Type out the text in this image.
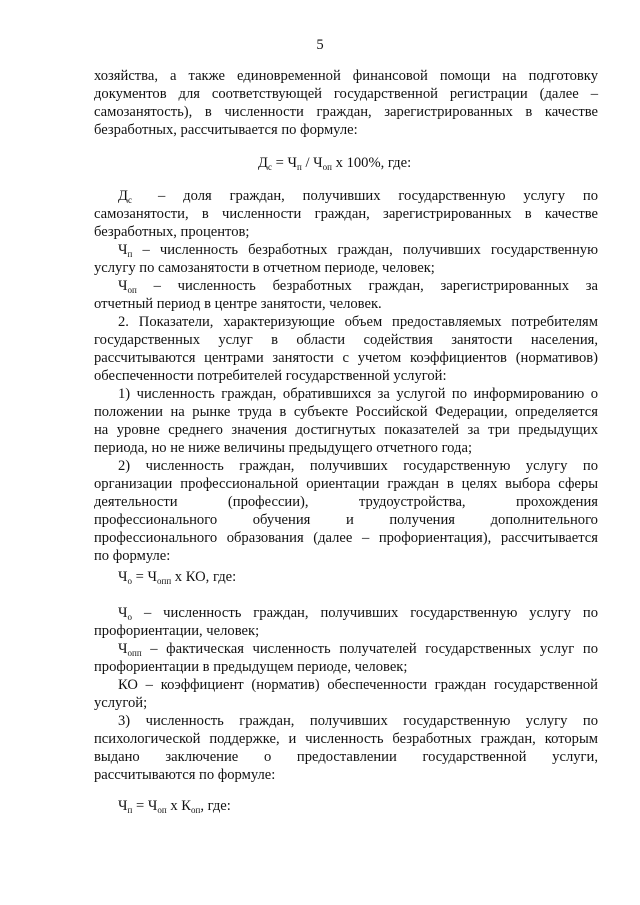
5
хозяйства, а также единовременной финансовой помощи на подготовку
документов для соответствующей государственной регистрации (далее –
самозанятость), в численности граждан, зарегистрированных в качестве
безработных, рассчитывается по формуле:
$Д_с = Ч_п / Ч_{оп}$ х 100%, где:
$Д_с$	– доля граждан, получивших государственную услугу по
самозанятости, в численности граждан, зарегистрированных в качестве
безработных, процентов;
$Ч_п$ – численность безработных граждан, получивших государственную
услугу по самозанятости в отчетном периоде, человек;
$Ч_{оп}$ – численность безработных граждан, зарегистрированных за
отчетный период в центре занятости, человек.
2. Показатели, характеризующие объем предоставляемых потребителям
государственных услуг в области содействия занятости населения,
рассчитываются центрами занятости с учетом коэффициентов (нормативов)
обеспеченности потребителей государственной услугой:
1) численность граждан, обратившихся за услугой по информированию о
положении на рынке труда в субъекте Российской Федерации, определяется
на уровне среднего значения достигнутых показателей за три предыдущих
периода, но не ниже величины предыдущего отчетного года;
2) численность граждан, получивших государственную услугу по
организации профессиональной ориентации граждан в целях выбора сферы
деятельности	(профессии),	трудоустройства,	прохождения
профессионального обучения и получения дополнительного
профессионального образования (далее – профориентация), рассчитывается
по формуле:
$Ч_о = Ч_{опп}$ х КО, где:
$Ч_о$ – численность граждан, получивших государственную услугу по
профориентации, человек;
$Ч_{опп}$ – фактическая численность получателей государственных услуг по
профориентации в предыдущем периоде, человек;
КО – коэффициент (норматив) обеспеченности граждан государственной
услугой;
3) численность граждан, получивших государственную услугу по
психологической поддержке, и численность безработных граждан, которым
выдано заключение о предоставлении государственной услуги,
рассчитываются по формуле:
$Ч_п = Ч_{оп}$ х $К_{оп}$, где:
